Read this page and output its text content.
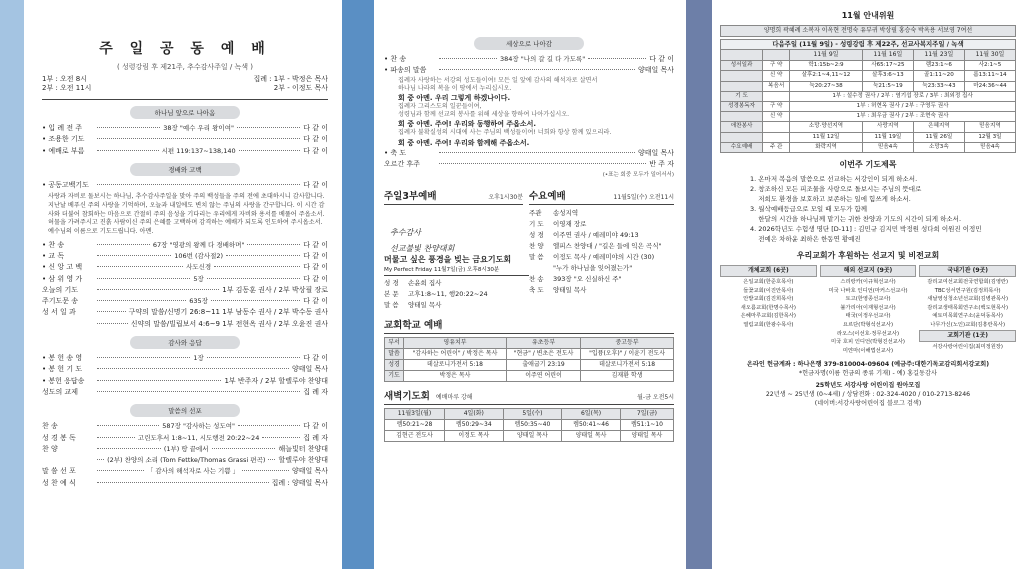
주 일 공 동 예 배
( 성령강림 후 제21주, 추수감사주일 / 녹색 )
1부 : 오전 8시
2부 : 오전 11시
집례 : 1부 - 박정은 목사
2부 - 이정도 목사
하나님 앞으로 나아옴
• 입 례 전 주	38장 "예수 우리 왕이여"	다 같 이
• 조용한 기도	다 같 이
• 예배로 부름	시편 119:137~138,140	다 같 이
경배와 고백
• 공동고백기도	다 같 이
사랑과 자비로 돌보시는 하나님, 추수감사주일을 맞아 주의 백성들을 주의 전에 초대하시니 감사합니다. 지난날 베푸신 주의 사랑을 기억하며, 오늘과 내일에도 변치 않는 주님의 사랑을 간구합니다. 이 시간 감사와 더불어 참회하는 마음으로 간절히 주의 음성을 기다리는 우리에게 자비와 용서를 베풀어 주옵소서. 허물을 가려주시고 진흙 사람이신 주의 은혜를 고백하며 감격하는 예배가 되도록 인도하여 주시옵소서. 예수님의 이름으로 기도드립니다. 아멘.
• 찬 송	67장 "영광의 왕께 다 경배하며"	다 같 이
• 교 독	106번 (감사절2)	다 같 이
• 신 앙 고 백	사도신경	다 같 이
• 삼 위 영 가	5장	다 같 이
오늘의 기도	1부 김동훈 권사 / 2부 박상필 장로
주기도문 송	635장	다 같 이
성 서 일 과	구약의 말씀/신명기 26:8~11 1부 남동수 권사 / 2부 박수동 권사
신약의 말씀/빌립보서 4:6~9 1부 전현옥 권사 / 2부 오윤진 권사
감사와 응답
• 봉 헌 송 영	1장	다 같 이
• 봉 헌 기 도	양태일 목사
• 봉헌 응답송	1부 반주자 / 2부 할렐루야 찬양대
성도의 교제	집 례 자
말씀의 선포
찬 송	587장 "감사하는 성도여"	다 같 이
성 경 봉 독	고린도후서 1:8~11, 시도행전 20:22~24	집 례 자
찬 양	(1부) 땅 끝에서	해늘빛터 찬양대
(2부) 찬양의 소리 (Tom Fettke/Thomas Grassi 편곡) 할렐루야 찬양대
말 씀 선 포	「 감사의 해석자로 사는 기쁨 」	양태일 목사
성 찬 예 식	집례 : 양태일 목사
세상으로 나아감
• 찬 송	384장 "나의 갈 길 다 가도록"	다 같 이
• 파송의 말씀	양태일 목사
집례자 사랑하는 서강의 성도들이여! 모든 일 앞에 감사의 해석자로 살면서
하나님 나라의 복을 이 땅에서 누리십시오.
회 중 아멘. 우리 그렇게 하겠나이다.
집례자 그리스도의 일꾼들이여,
성령님과 함께 선교의 봉사를 위해 세상을 향하여 나아가십시오.
회 중 아멘. 주여! 우리와 동행하여 주옵소서.
집례자 불확실성의 시대에 사는 주님의 백성들이여! 너희와 항상 함께 있으리라.
회 중 아멘. 주여! 우리와 함께해 주옵소서.
• 축 도	양태일 목사
오르간 후주	반 주 자
(•표는 회중 모두가 일어서서)
주일3부예배	오후1시30분
추수감사
선교불빛 찬양대회
수요예배	11월5일(수) 오전11시
주관	송성지역
기 도	이영재 장로
성 경	이주연 권사 / 예레미야 49:13
찬 양	엘피스 찬양대 / "길은 들에 익은 곡식"
말 씀	이정도 목사 / 예레미야의 시간 (30)
"누가 하나님을 잊어졌는가"
찬 송	393장 "오 신실하신 주"
축 도	양태일 목사
머물고 싶은 풍경을 빚는 금요기도회
My Perfect Friday 11월7일(금) 오후8시30분
성 경	손윤희 집사
본 문	고후1:8~11, 행20:22~24
말 씀	양태일 목사
교회학교 예배
부서	영유치부	유초등부	중고등부
말씀	"감사하는 어린이" / 박정은 목사	"현금" / 변초은 전도사	"입퓽(오후)" / 이윤기 전도사
성경	데살로니가전서 5:18	출애굽기 23:19	데살로니가전서 5:18
기도	박정은 목사	이주연 어린이	김재환 학생
새벽기도회 예배마루 강해	월-금 오전5시
11월3일(월)	4일(화)	5일(수)	6일(목)	7일(금)
렘50:21~28	렘50:29~34	렘50:35~40	렘50:41~46	렘51:1~10
김현근 전도사	이정도 목사	양태일 목사	양태일 목사	양태일 목사
11월 안내위원
양명희 곽혜례 소복자 이옥현 전명숙 유부귀 박상필 홍승숙 박옥용 서보영 7여선
다음주일 (11월 9일) - 성령강림 후 제22주, 선교사복지주일 / 녹색					
		11월 9일	11월 16일	11월 23일	11월 30일
성서일과	구 약	학1:15b~2:9	사65:17~25	렘23:1~6	사2:1~5
	신 약	살후2:1~4,11~12	살후3:6~13	골1:11~20	롬13:11~14
	복음서	눅20:27~38	눅21:5~19	눅23:33~43	마24:36~44
기 도		1부 : 설수정 권사 / 2부 : 염기섭 장로 / 3부 : 최외정 집사			
성경봉독자	구 약	1부 : 허현옥 권사 / 2부 : 구영두 권사			
	신 약	1부 : 최우금 권사 / 2부 : 조현숙 권사			
애찬봉사		소망·양선지역	사랑지역	은혜지역	믿음지역
		11월 12일	11월 19일	11월 26일	12월 3일
수요예배	주 관	화락지역	믿음4속	소망3속	믿음4속
이번주 기도제목
1. 온마저 복음의 말씀으로 선교하는 서강인이 되게 하소서.
2. 창조하신 모든 피조물을 사랑으로 돌보시는 주님의 뜻대로
저희도 환경을 보호하고 보존하는 일에 힘쓰게 하소서.
3. 월삭예배등급으로 모일 때 모두가 함께
한달의 시간을 하나님께 맡기는 귀한 찬양과 기도의 시간이 되게 하소서.
4. 2026학년도 수험생 명단 [D-11] : 김민규 김지민 박정원 성다희 이원진 이정민
전예은 차하윤 최하은 한동연 황예진
우리교회가 후원하는 선교지 및 비전교회
개체교회 (6곳)
은일교회(한준호목사)
들꽃교회(이진안목사)
안밭교회(김진희목사)
새오름교회(한명수목사)
은혜마루교회(김한목사)
열림교회(한광수목사)
해외 선교지 (9곳)
스리랑카(이규혁선교사)
미국 나바호 인디언(마커스선교사)
토고(한영종선교사)
불가리아(이재형선교사)
태국(이정우선교사)
요르단(박형석선교사)
라오스(이선호·정무선교사)
미국 호피 인디언(박형진선교사)
미얀마(이해법선교사)
국내기관 (9곳)
감리교여선교회전국연합회(김영란)
TBC성서연구원(김정희목사)
새날영성청소년선교회(김병관목사)
감리교생태목회연구소(백도현목사)
예토미목회연구소(윤덕동목사)
나무가신(노인)교회(김흥란목사)
교회기관 (1곳)
서강사랑어린이집(최미정원장)
온라인 헌금계좌 : 하나은행 379-810004-09604 (예금주:대한기독교감리회서강교회)
*헌금자명(이름 헌금의 종류 기재) - 예) 홍길동감사
25학년도 서강사랑 어린이집 원아모집
22년생 ~ 25년생 (0~4세) / 상담전화 : 02-324-4020 / 010-2713-8246
(네이버:서강사랑어린이집 블로그 검색)
